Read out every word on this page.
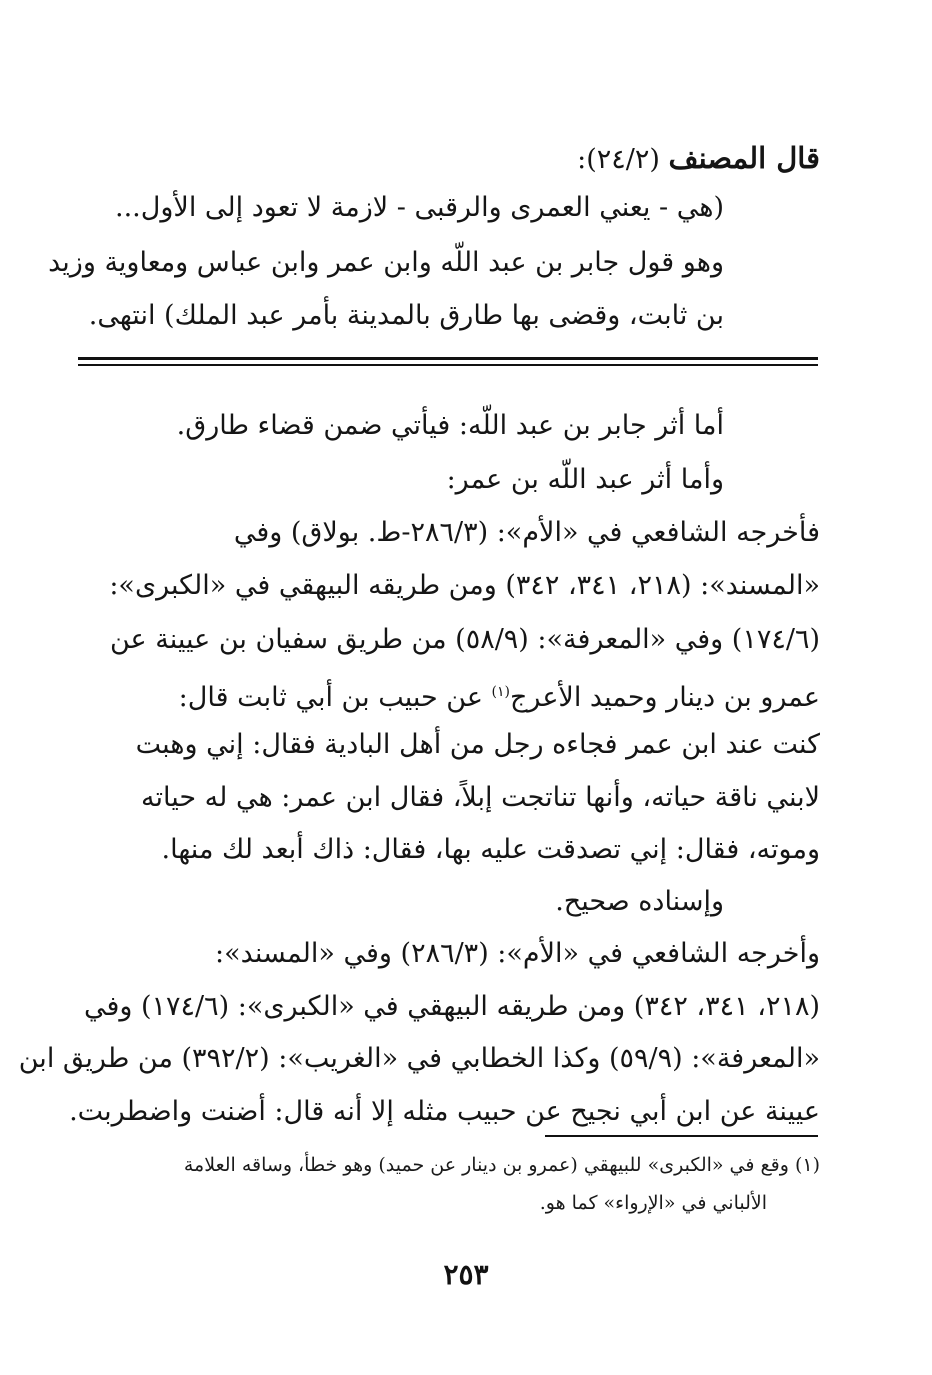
قال المصنف (٢٤/٢):
(هي - يعني العمرى والرقبى - لازمة لا تعود إلى الأول...
وهو قول جابر بن عبد اللّه وابن عمر وابن عباس ومعاوية وزيد
بن ثابت، وقضى بها طارق بالمدينة بأمر عبد الملك) انتهى.
أما أثر جابر بن عبد اللّه: فيأتي ضمن قضاء طارق.
وأما أثر عبد اللّه بن عمر:
فأخرجه الشافعي في «الأم»: (٢٨٦/٣-ط. بولاق) وفي
«المسند»: (٢١٨، ٣٤١، ٣٤٢) ومن طريقه البيهقي في «الكبرى»:
(١٧٤/٦) وفي «المعرفة»: (٥٨/٩) من طريق سفيان بن عيينة عن
عمرو بن دينار وحميد الأعرج$^{(١)}$ عن حبيب بن أبي ثابت قال:
كنت عند ابن عمر فجاءه رجل من أهل البادية فقال: إني وهبت
لابني ناقة حياته، وأنها تناتجت إبلاً، فقال ابن عمر: هي له حياته
وموته، فقال: إني تصدقت عليه بها، فقال: ذاك أبعد لك منها.
وإسناده صحيح.
وأخرجه الشافعي في «الأم»: (٢٨٦/٣) وفي «المسند»:
(٢١٨، ٣٤١، ٣٤٢) ومن طريقه البيهقي في «الكبرى»: (١٧٤/٦) وفي
«المعرفة»: (٥٩/٩) وكذا الخطابي في «الغريب»: (٣٩٢/٢) من طريق ابن
عيينة عن ابن أبي نجيح عن حبيب مثله إلا أنه قال: أضنت واضطربت.
(١) وقع في «الكبرى» للبيهقي (عمرو بن دينار عن حميد) وهو خطأ، وساقه العلامة
الألباني في «الإرواء» كما هو.
٢٥٣
